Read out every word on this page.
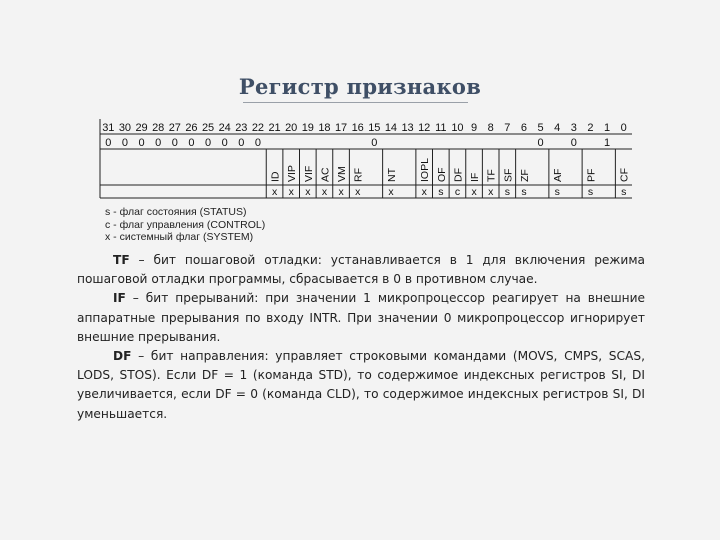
Регистр признаков
31 30 29 28 27 26 25 24 23 22 21 20 19 18 17 16 15 14 13 12 11 10 9 8 7 6 5 4 3 2 1 0
0 0 0 0 0 0 0 0 0 0	0	0 0 1
ID VIP VIF AC VM RF NT IOPL OF DF IF TF SF ZF AF PF CF
x x x x x x	x	x s c x x s s	s	s	s
s - флаг состояния (STATUS)
c - флаг управления (CONTROL)
x - системный флаг (SYSTEM)

TF – бит пошаговой отладки: устанавливается в 1 для включения режима пошаговой отладки программы, сбрасывается в 0 в противном случае.

IF – бит прерываний: при значении 1 микропроцессор реагирует на внешние аппаратные прерывания по входу INTR. При значении 0 микропроцессор игнорирует внешние прерывания.

DF – бит направления: управляет строковыми командами (MOVS, CMPS, SCAS, LODS, STOS). Если DF = 1 (команда STD), то содержимое индексных регистров SI, DI увеличивается, если DF = 0 (команда CLD), то содержимое индексных регистров SI, DI уменьшается.
